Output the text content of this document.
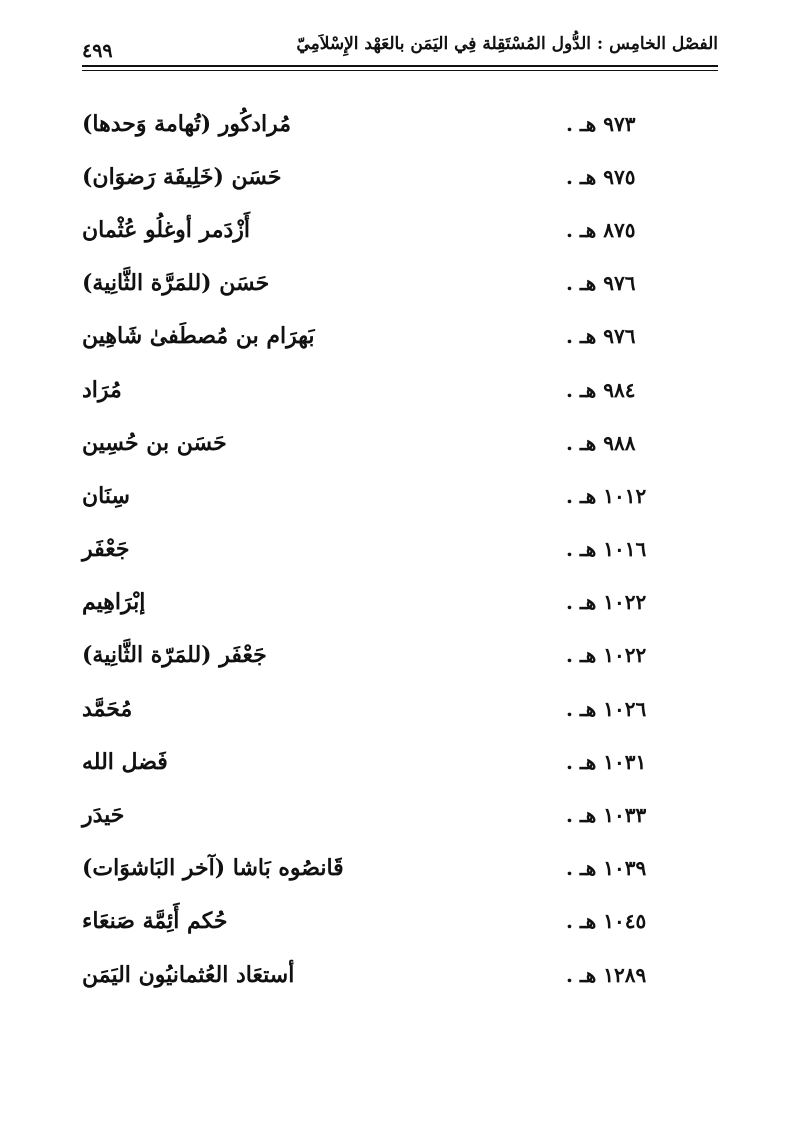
الفصْل الخامِس : الدُّول المُسْتَقِلة فِي اليَمَن بالعَهْد الإِسْلاَمِيّ
٤٩٩
مُرادكُور (تُهامة وَحدها)	٩٧٣ هـ .
حَسَن (خَلِيفَة رَضوَان)	٩٧٥ هـ .
أَزْدَمر أوغلُو عُثْمان	٨٧٥ هـ .
حَسَن (للمَرَّة الثَّانِية)	٩٧٦ هـ .
بَهرَام بن مُصطَفىٰ شَاهِين	٩٧٦ هـ .
مُرَاد	٩٨٤ هـ .
حَسَن بن حُسِين	٩٨٨ هـ .
سِنَان	١٠١٢ هـ .
جَعْفَر	١٠١٦ هـ .
إبْرَاهِيم	١٠٢٢ هـ .
جَعْفَر (للمَرّة الثَّانِية)	١٠٢٢ هـ .
مُحَمَّد	١٠٢٦ هـ .
فَضل الله	١٠٣١ هـ .
حَيدَر	١٠٣٣ هـ .
قَانصُوه بَاشا (آخر البَاشوَات)	١٠٣٩ هـ .
حُكم أَئِمَّة صَنعَاء	١٠٤٥ هـ .
أستعَاد العُثمانيُون اليَمَن	١٢٨٩ هـ .
